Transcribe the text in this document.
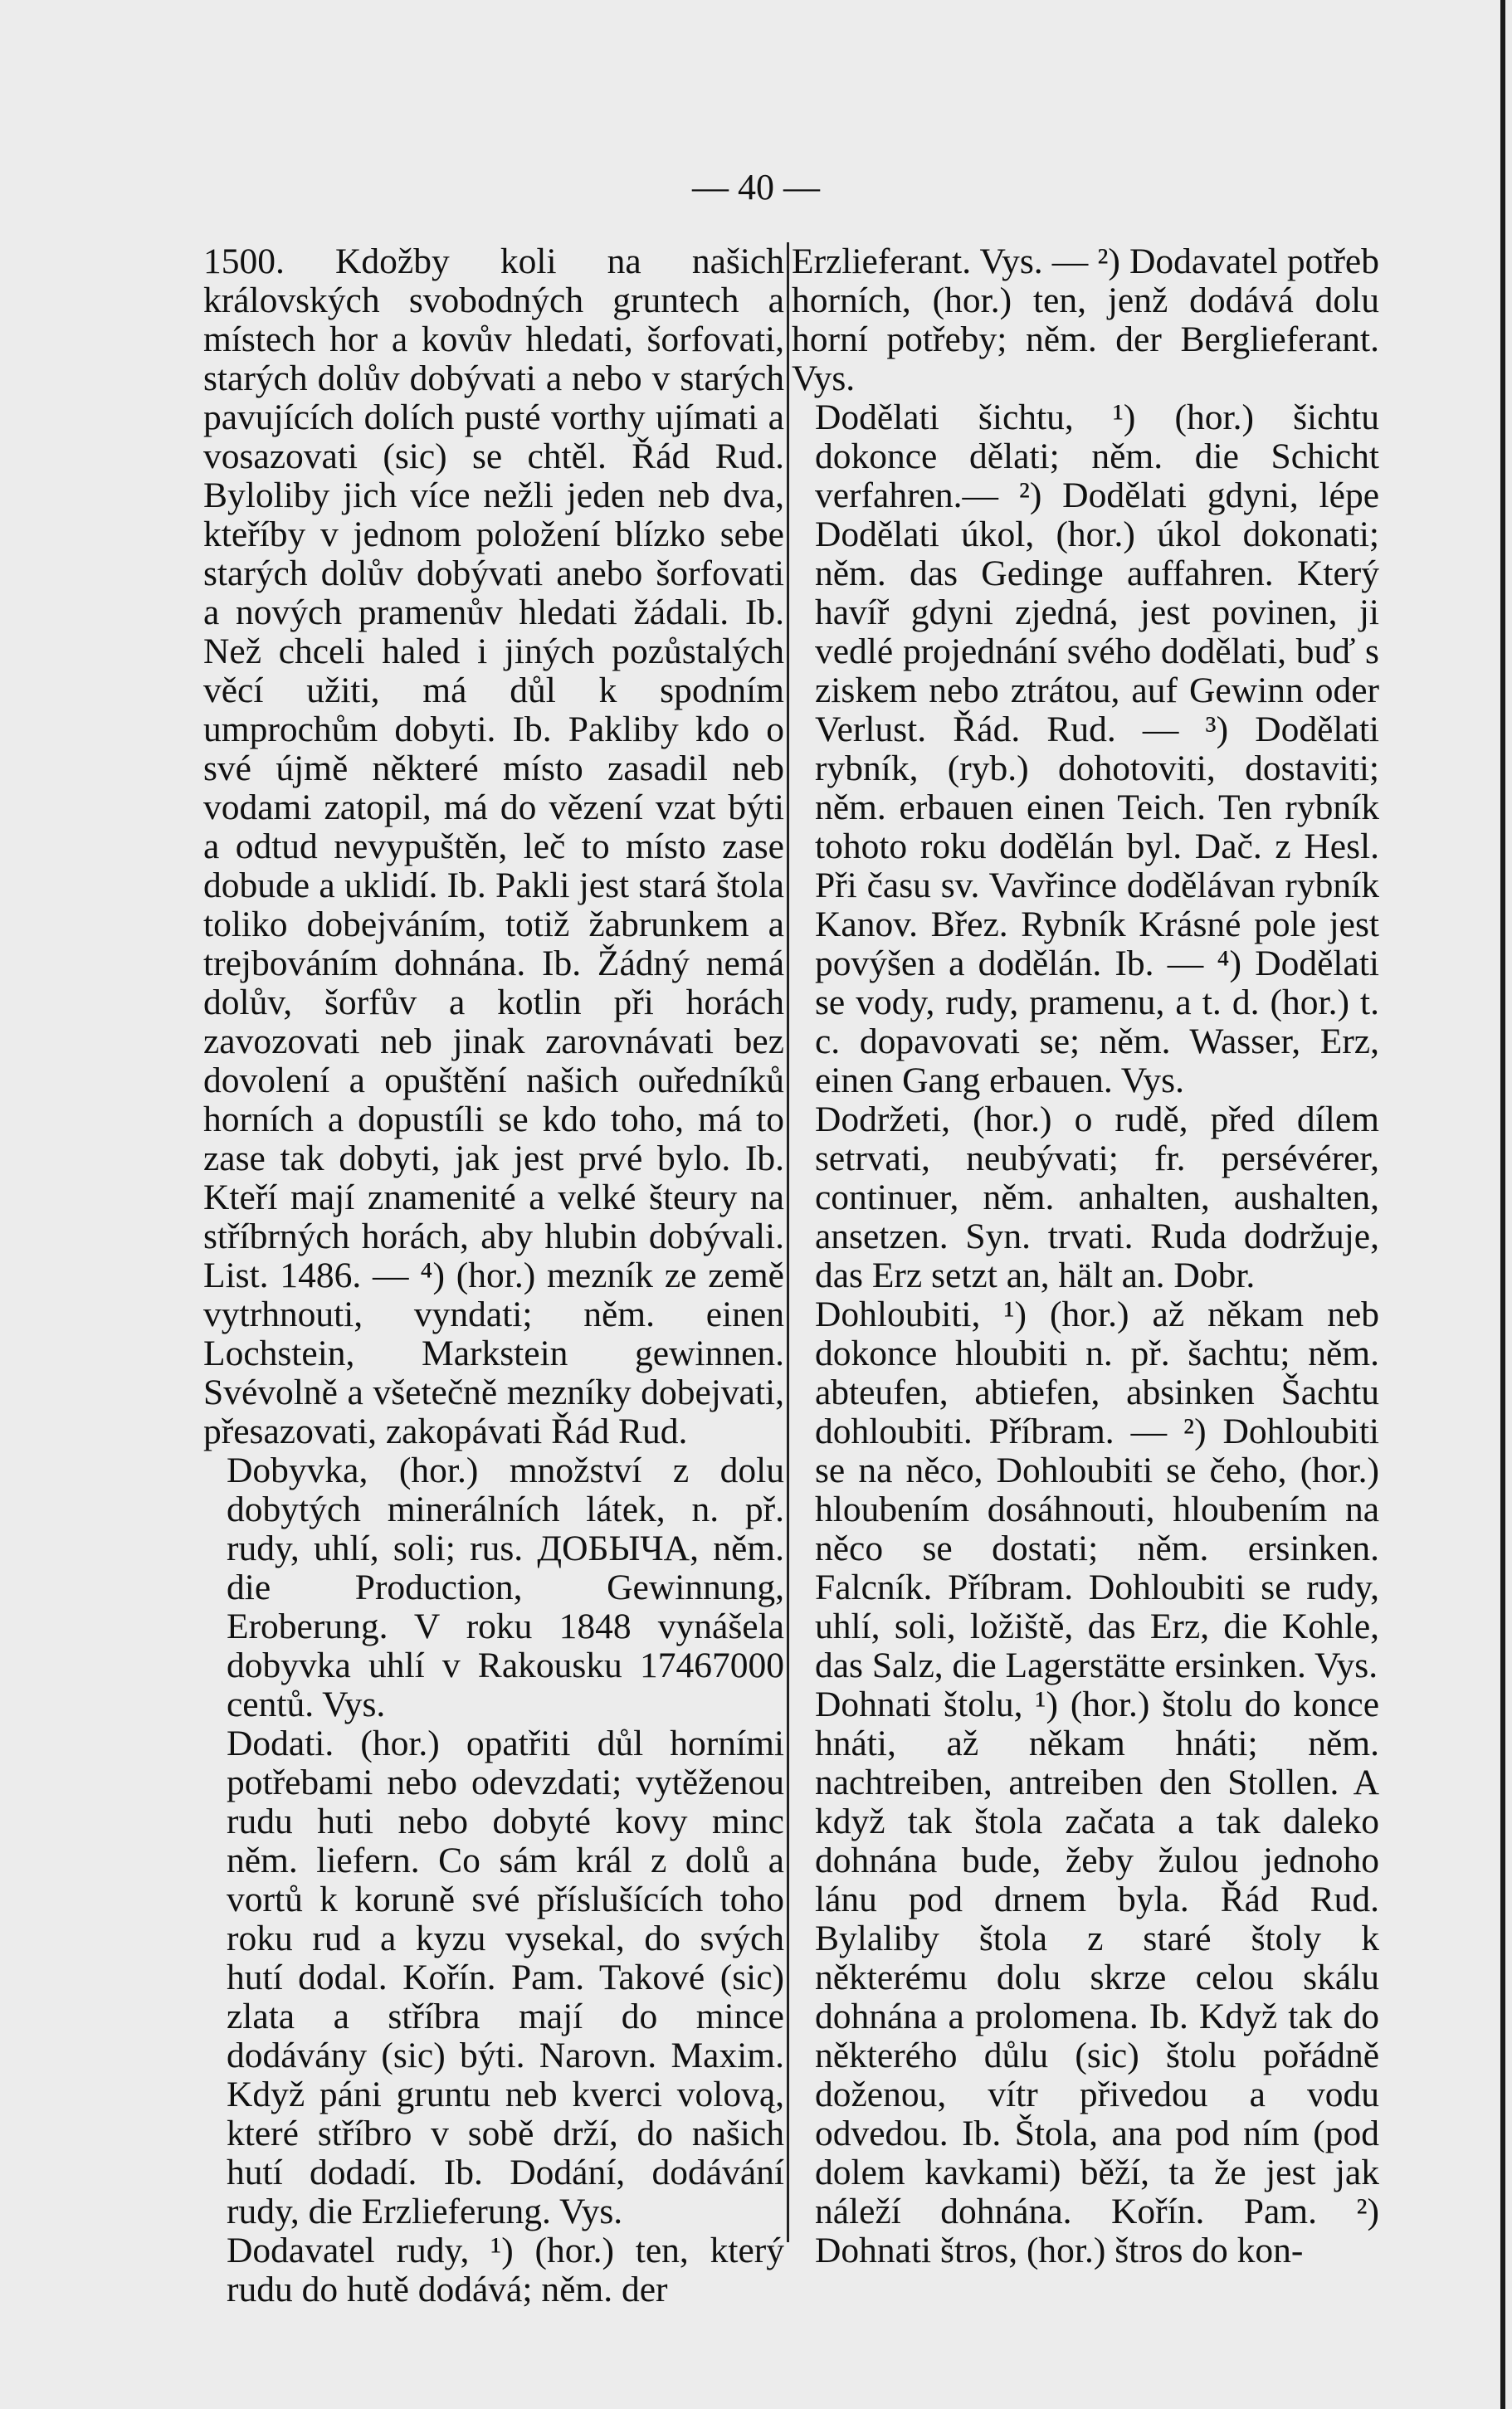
— 40 —

1500. Kdožby koli na našich královských svobodných gruntech a místech hor a kovův hledati, šorfovati, starých dolův dobývati a nebo v starých pavujících dolích pusté vorthy ujímati a vosazovati (sic) se chtěl. Řád Rud. Byloliby jich více nežli jeden neb dva, kteříby v jednom položení blízko sebe starých dolův dobývati anebo šorfovati a nových pramenův hledati žádali. Ib. Než chceli haled i jiných pozůstalých věcí užiti, má důl k spodním umprochům dobyti. Ib. Pakliby kdo o své újmě některé místo zasadil neb vodami zatopil, má do vězení vzat býti a odtud nevypuštěn, leč to místo zase dobude a uklidí. Ib. Pakli jest stará štola toliko dobejváním, totiž žabrunkem a trejbováním dohnána. Ib. Žádný nemá dolův, šorfův a kotlin při horách zavozovati neb jinak zarovnávati bez dovolení a opuštění našich ouředníků horních a dopustíli se kdo toho, má to zase tak dobyti, jak jest prvé bylo. Ib. Kteří mají znamenité a velké šteury na stříbrných horách, aby hlubin dobývali. List. 1486. — ⁴) (hor.) mezník ze země vytrhnouti, vyndati; něm. einen Lochstein, Markstein gewinnen. Svévolně a všetečně mezníky dobejvati, přesazovati, zakopávati Řád Rud.

Dobyvka, (hor.) množství z dolu dobytých minerálních látek, n. př. rudy, uhlí, soli; rus. ДОБЫЧА, něm. die Production, Gewinnung, Eroberung. V roku 1848 vynášela dobyvka uhlí v Rakousku 17467000 centů. Vys.

Dodati. (hor.) opatřiti důl horními potřebami nebo odevzdati; vytěženou rudu huti nebo dobyté kovy minc něm. liefern. Co sám král z dolů a vortů k koruně své příslušících toho roku rud a kyzu vysekal, do svých hutí dodal. Kořín. Pam. Takové (sic) zlata a stříbra mají do mince dodávány (sic) býti. Narovn. Maxim. Když páni gruntu neb kverci volovą, které stříbro v sobě drží, do našich hutí dodadí. Ib. Dodání, dodávání rudy, die Erzlieferung. Vys.

Dodavatel rudy, ¹) (hor.) ten, který rudu do hutě dodává; něm. der

Erzlieferant. Vys. — ²) Dodavatel potřeb horních, (hor.) ten, jenž dodává dolu horní potřeby; něm. der Berglieferant. Vys.

Dodělati šichtu, ¹) (hor.) šichtu dokonce dělati; něm. die Schicht verfahren.— ²) Dodělati gdyni, lépe Dodělati úkol, (hor.) úkol dokonati; něm. das Gedinge auffahren. Který havíř gdyni zjedná, jest povinen, ji vedlé projednání svého dodělati, buď s ziskem nebo ztrátou, auf Gewinn oder Verlust. Řád. Rud. — ³) Dodělati rybník, (ryb.) dohotoviti, dostaviti; něm. erbauen einen Teich. Ten rybník tohoto roku dodělán byl. Dač. z Hesl. Při času sv. Vavřince dodělávan rybník Kanov. Břez. Rybník Krásné pole jest povýšen a dodělán. Ib. — ⁴) Dodělati se vody, rudy, pramenu, a t. d. (hor.) t. c. dopavovati se; něm. Wasser, Erz, einen Gang erbauen. Vys.

Dodržeti, (hor.) o rudě, před dílem setrvati, neubývati; fr. persévérer, continuer, něm. anhalten, aushalten, ansetzen. Syn. trvati. Ruda dodržuje, das Erz setzt an, hält an. Dobr.

Dohloubiti, ¹) (hor.) až někam neb dokonce hloubiti n. př. šachtu; něm. abteufen, abtiefen, absinken Šachtu dohloubiti. Příbram. — ²) Dohloubiti se na něco, Dohloubiti se čeho, (hor.) hloubením dosáhnouti, hloubením na něco se dostati; něm. ersinken. Falcník. Příbram. Dohloubiti se rudy, uhlí, soli, ložiště, das Erz, die Kohle, das Salz, die Lagerstätte ersinken. Vys.

Dohnati štolu, ¹) (hor.) štolu do konce hnáti, až někam hnáti; něm. nachtreiben, antreiben den Stollen. A když tak štola začata a tak daleko dohnána bude, žeby žulou jednoho lánu pod drnem byla. Řád Rud. Bylaliby štola z staré štoly k některému dolu skrze celou skálu dohnána a prolomena. Ib. Když tak do některého důlu (sic) štolu pořádně doženou, vítr přivedou a vodu odvedou. Ib. Štola, ana pod ním (pod dolem kavkami) běží, ta že jest jak náleží dohnána. Kořín. Pam. ²) Dohnati štros, (hor.) štros do kon-
